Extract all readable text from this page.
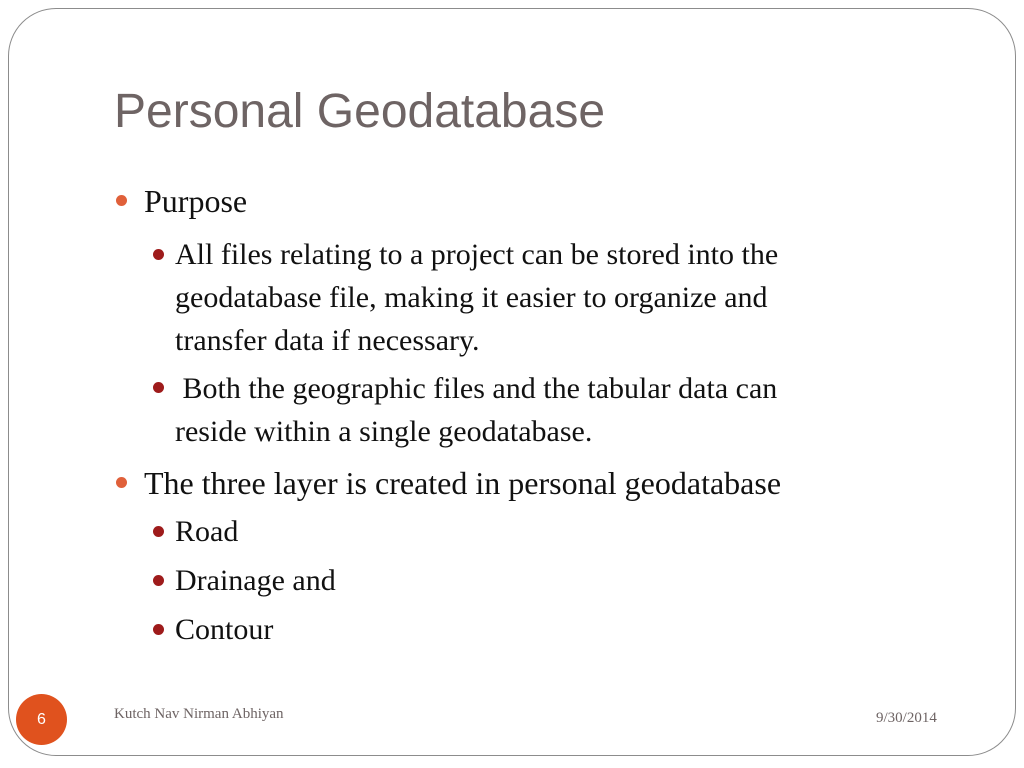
Personal Geodatabase
Purpose
All files relating to a project can be stored into the
geodatabase file, making it easier to organize and
transfer data if necessary.
Both the geographic files and the tabular data can
reside within a single geodatabase.
The three layer is created in personal geodatabase
Road
Drainage and
Contour
6	Kutch Nav Nirman Abhiyan	9/30/2014
